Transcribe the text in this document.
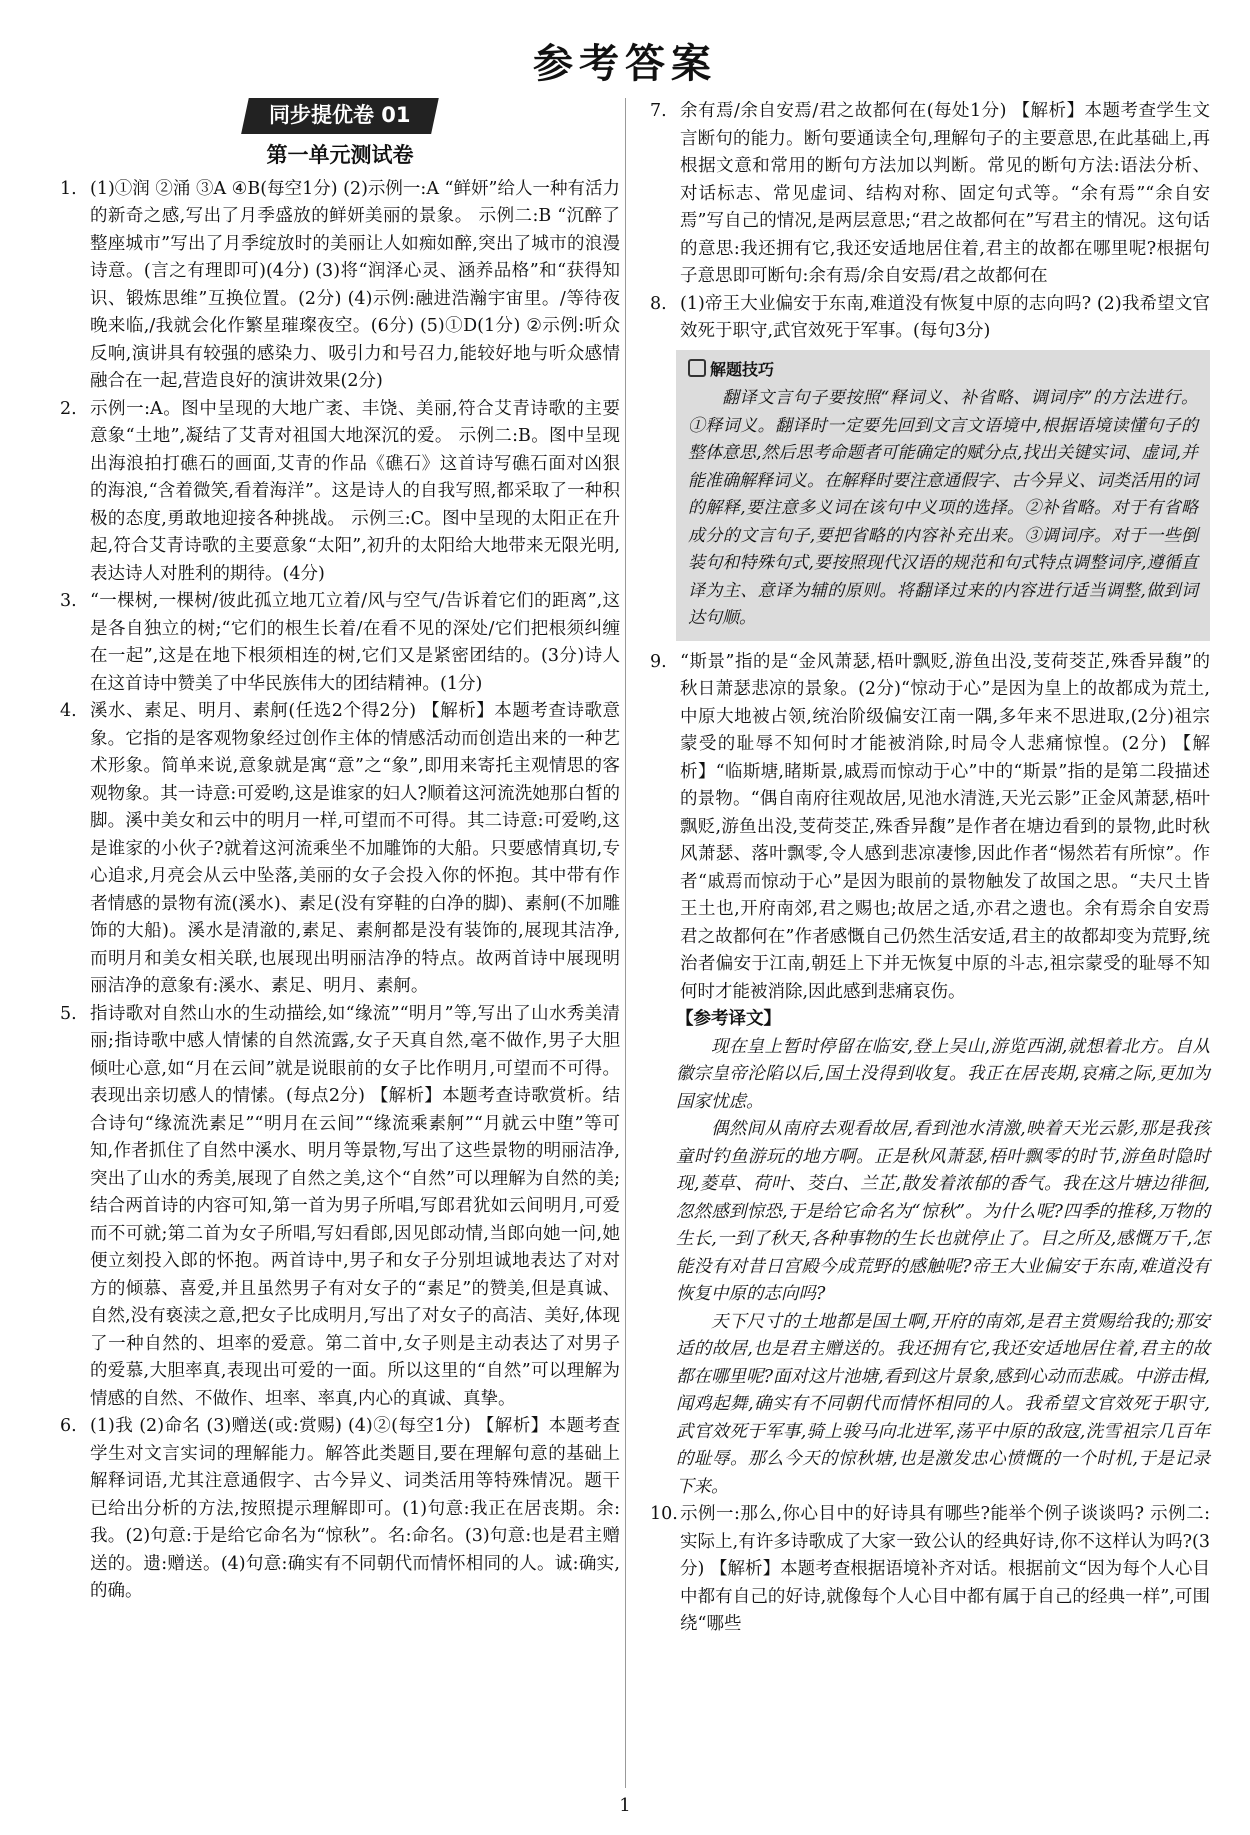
参考答案
同步提优卷 01
第一单元测试卷
1. (1)①润 ②涌 ③A ④B(每空1分) (2)示例一:A “鲜妍”给人一种有活力的新奇之感,写出了月季盛放的鲜妍美丽的景象。 示例二:B “沉醉了整座城市”写出了月季绽放时的美丽让人如痴如醉,突出了城市的浪漫诗意。(言之有理即可)(4分) (3)将“润泽心灵、涵养品格”和“获得知识、锻炼思维”互换位置。(2分) (4)示例:融进浩瀚宇宙里。/等待夜晚来临,/我就会化作繁星璀璨夜空。(6分) (5)①D(1分) ②示例:听众反响,演讲具有较强的感染力、吸引力和号召力,能较好地与听众感情融合在一起,营造良好的演讲效果(2分)
2. 示例一:A。图中呈现的大地广袤、丰饶、美丽,符合艾青诗歌的主要意象“土地”,凝结了艾青对祖国大地深沉的爱。 示例二:B。图中呈现出海浪拍打礁石的画面,艾青的作品《礁石》这首诗写礁石面对凶狠的海浪,“含着微笑,看着海洋”。这是诗人的自我写照,都采取了一种积极的态度,勇敢地迎接各种挑战。 示例三:C。图中呈现的太阳正在升起,符合艾青诗歌的主要意象“太阳”,初升的太阳给大地带来无限光明,表达诗人对胜利的期待。(4分)
3. “一棵树,一棵树/彼此孤立地兀立着/风与空气/告诉着它们的距离”,这是各自独立的树;“它们的根生长着/在看不见的深处/它们把根须纠缠在一起”,这是在地下根须相连的树,它们又是紧密团结的。(3分)诗人在这首诗中赞美了中华民族伟大的团结精神。(1分)
4. 溪水、素足、明月、素舸(任选2个得2分) 【解析】本题考查诗歌意象。它指的是客观物象经过创作主体的情感活动而创造出来的一种艺术形象。简单来说,意象就是寓“意”之“象”,即用来寄托主观情思的客观物象。其一诗意:可爱哟,这是谁家的妇人?顺着这河流洗她那白皙的脚。溪中美女和云中的明月一样,可望而不可得。其二诗意:可爱哟,这是谁家的小伙子?就着这河流乘坐不加雕饰的大船。只要感情真切,专心追求,月亮会从云中坠落,美丽的女子会投入你的怀抱。其中带有作者情感的景物有流(溪水)、素足(没有穿鞋的白净的脚)、素舸(不加雕饰的大船)。溪水是清澈的,素足、素舸都是没有装饰的,展现其洁净,而明月和美女相关联,也展现出明丽洁净的特点。故两首诗中展现明丽洁净的意象有:溪水、素足、明月、素舸。
5. 指诗歌对自然山水的生动描绘,如“缘流”“明月”等,写出了山水秀美清丽;指诗歌中感人情愫的自然流露,女子天真自然,毫不做作,男子大胆倾吐心意,如“月在云间”就是说眼前的女子比作明月,可望而不可得。表现出亲切感人的情愫。(每点2分) 【解析】本题考查诗歌赏析。结合诗句“缘流洗素足”“明月在云间”“缘流乘素舸”“月就云中堕”等可知,作者抓住了自然中溪水、明月等景物,写出了这些景物的明丽洁净,突出了山水的秀美,展现了自然之美,这个“自然”可以理解为自然的美;结合两首诗的内容可知,第一首为男子所唱,写郎君犹如云间明月,可爱而不可就;第二首为女子所唱,写妇看郎,因见郎动情,当郎向她一问,她便立刻投入郎的怀抱。两首诗中,男子和女子分别坦诚地表达了对对方的倾慕、喜爱,并且虽然男子有对女子的“素足”的赞美,但是真诚、自然,没有亵渎之意,把女子比成明月,写出了对女子的高洁、美好,体现了一种自然的、坦率的爱意。第二首中,女子则是主动表达了对男子的爱慕,大胆率真,表现出可爱的一面。所以这里的“自然”可以理解为情感的自然、不做作、坦率、率真,内心的真诚、真挚。
6. (1)我 (2)命名 (3)赠送(或:赏赐) (4)②(每空1分) 【解析】本题考查学生对文言实词的理解能力。解答此类题目,要在理解句意的基础上解释词语,尤其注意通假字、古今异义、词类活用等特殊情况。题干已给出分析的方法,按照提示理解即可。(1)句意:我正在居丧期。余:我。(2)句意:于是给它命名为“惊秋”。名:命名。(3)句意:也是君主赠送的。遗:赠送。(4)句意:确实有不同朝代而情怀相同的人。诚:确实,的确。
7. 余有焉/余自安焉/君之故都何在(每处1分) 【解析】本题考查学生文言断句的能力。断句要通读全句,理解句子的主要意思,在此基础上,再根据文意和常用的断句方法加以判断。常见的断句方法:语法分析、对话标志、常见虚词、结构对称、固定句式等。“余有焉”“余自安焉”写自己的情况,是两层意思;“君之故都何在”写君主的情况。这句话的意思:我还拥有它,我还安适地居住着,君主的故都在哪里呢?根据句子意思即可断句:余有焉/余自安焉/君之故都何在
8. (1)帝王大业偏安于东南,难道没有恢复中原的志向吗? (2)我希望文官效死于职守,武官效死于军事。(每句3分)
解题技巧
翻译文言句子要按照“释词义、补省略、调词序”的方法进行。①释词义。翻译时一定要先回到文言文语境中,根据语境读懂句子的整体意思,然后思考命题者可能确定的赋分点,找出关键实词、虚词,并能准确解释词义。在解释时要注意通假字、古今异义、词类活用的词的解释,要注意多义词在该句中义项的选择。②补省略。对于有省略成分的文言句子,要把省略的内容补充出来。③调词序。对于一些倒装句和特殊句式,要按照现代汉语的规范和句式特点调整词序,遵循直译为主、意译为辅的原则。将翻译过来的内容进行适当调整,做到词达句顺。
9. “斯景”指的是“金风萧瑟,梧叶飘贬,游鱼出没,芰荷茭芷,殊香异馥”的秋日萧瑟悲凉的景象。(2分)“惊动于心”是因为皇上的故都成为荒土,中原大地被占领,统治阶级偏安江南一隅,多年来不思进取,(2分)祖宗蒙受的耻辱不知何时才能被消除,时局令人悲痛惊惶。(2分) 【解析】“临斯塘,睹斯景,戚焉而惊动于心”中的“斯景”指的是第二段描述的景物。“偶自南府往观故居,见池水清涟,天光云影”正金风萧瑟,梧叶飘贬,游鱼出没,芰荷茭芷,殊香异馥”是作者在塘边看到的景物,此时秋风萧瑟、落叶飘零,令人感到悲凉凄惨,因此作者“惕然若有所惊”。作者“戚焉而惊动于心”是因为眼前的景物触发了故国之思。“夫尺土皆王土也,开府南郊,君之赐也;故居之适,亦君之遗也。余有焉余自安焉君之故都何在”作者感慨自己仍然生活安适,君主的故都却变为荒野,统治者偏安于江南,朝廷上下并无恢复中原的斗志,祖宗蒙受的耻辱不知何时才能被消除,因此感到悲痛哀伤。
【参考译文】

现在皇上暂时停留在临安,登上吴山,游览西湖,就想着北方。自从徽宗皇帝沦陷以后,国土没得到收复。我正在居丧期,哀痛之际,更加为国家忧虑。

偶然间从南府去观看故居,看到池水清激,映着天光云影,那是我孩童时钓鱼游玩的地方啊。正是秋风萧瑟,梧叶飘零的时节,游鱼时隐时现,菱草、荷叶、茭白、兰芷,散发着浓郁的香气。我在这片塘边徘徊,忽然感到惊恐,于是给它命名为“惊秋”。为什么呢?四季的推移,万物的生长,一到了秋天,各种事物的生长也就停止了。目之所及,感慨万千,怎能没有对昔日宫殿今成荒野的感触呢?帝王大业偏安于东南,难道没有恢复中原的志向吗?

天下尺寸的土地都是国土啊,开府的南郊,是君主赏赐给我的;那安适的故居,也是君主赠送的。我还拥有它,我还安适地居住着,君主的故都在哪里呢?面对这片池塘,看到这片景象,感到心动而悲戚。中游击楫,闻鸡起舞,确实有不同朝代而情怀相同的人。我希望文官效死于职守,武官效死于军事,骑上骏马向北进军,荡平中原的敌寇,洗雪祖宗几百年的耻辱。那么今天的惊秋塘,也是激发忠心愤慨的一个时机,于是记录下来。

10. 示例一:那么,你心目中的好诗具有哪些?能举个例子谈谈吗? 示例二:实际上,有许多诗歌成了大家一致公认的经典好诗,你不这样认为吗?(3分) 【解析】本题考查根据语境补齐对话。根据前文“因为每个人心目中都有自己的好诗,就像每个人心目中都有属于自己的经典一样”,可围绕“哪些
1
